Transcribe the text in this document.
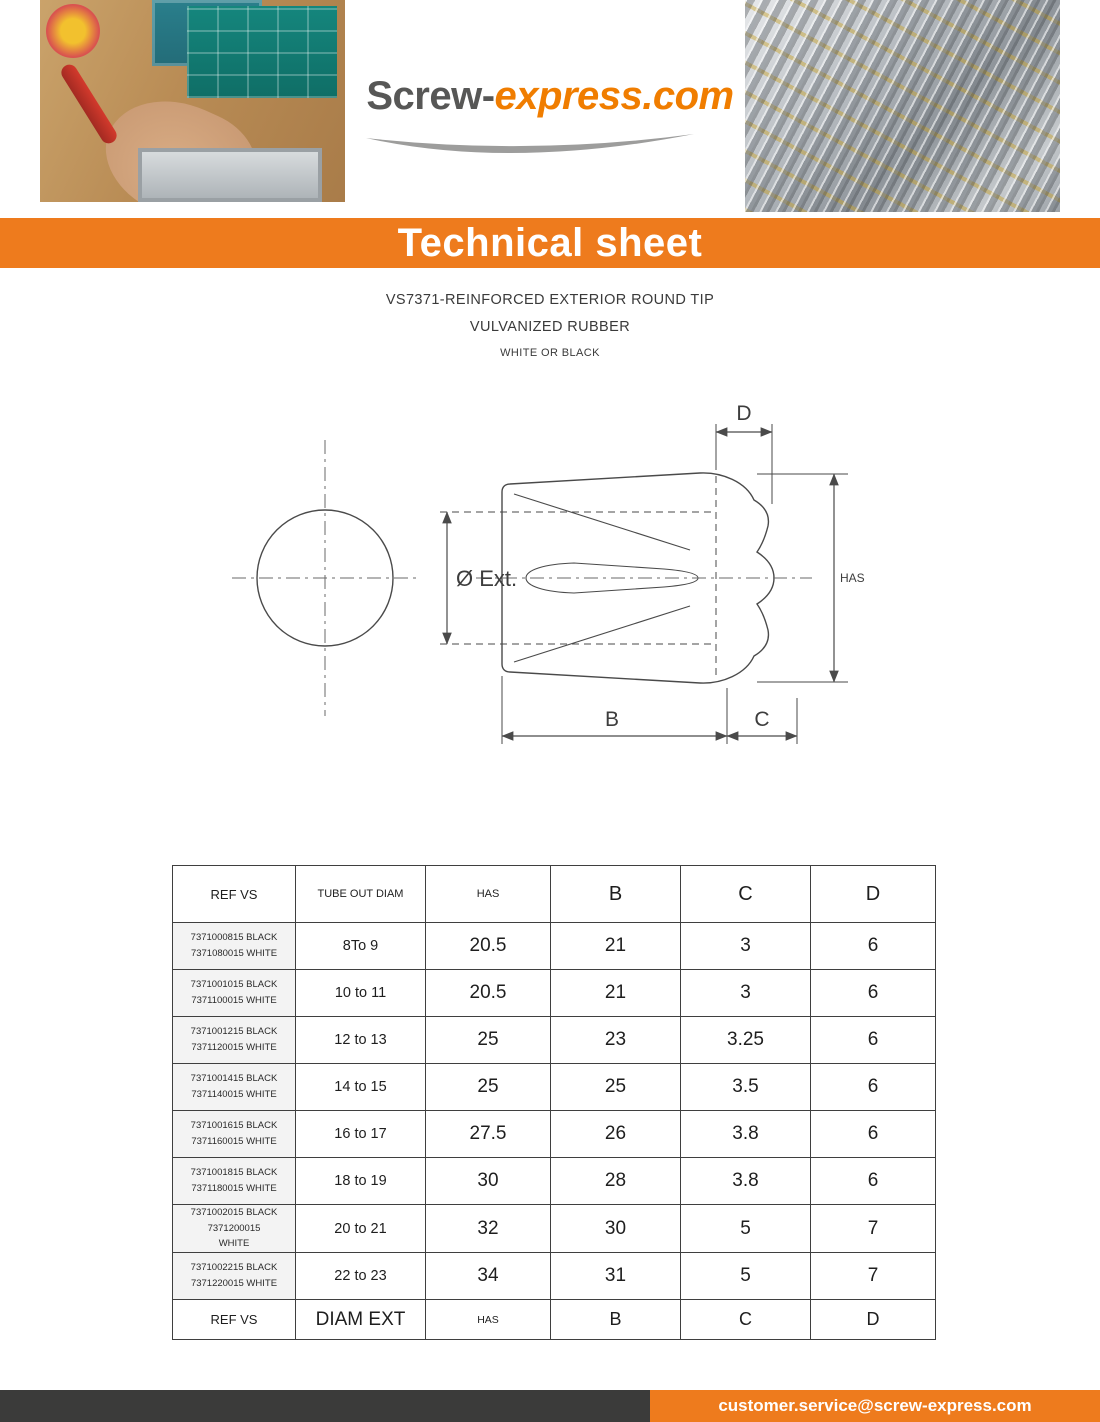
Screw-express.com
Technical sheet
VS7371-REINFORCED EXTERIOR ROUND TIP
VULVANIZED RUBBER
WHITE OR BLACK
Ø Ext.
D
HAS
B	C
REF VS	TUBE OUT DIAM	HAS	B	C	D

7371000815 BLACK
7371080015 WHITE	8To 9	20.5	21	3	6

7371001015 BLACK
7371100015 WHITE	10 to 11	20.5	21	3	6

7371001215 BLACK
7371120015 WHITE	12 to 13	25	23	3.25	6

7371001415 BLACK
7371140015 WHITE	14 to 15	25	25	3.5	6

7371001615 BLACK
7371160015 WHITE	16 to 17	27.5	26	3.8	6

7371001815 BLACK
7371180015 WHITE	18 to 19	30	28	3.8	6

7371002015 BLACK 7371200015
WHITE	20 to 21	32	30	5	7

7371002215 BLACK
7371220015 WHITE	22 to 23	34	31	5	7
REF VS	DIAM EXT	HAS	B	C	D
customer.service@screw-express.com
